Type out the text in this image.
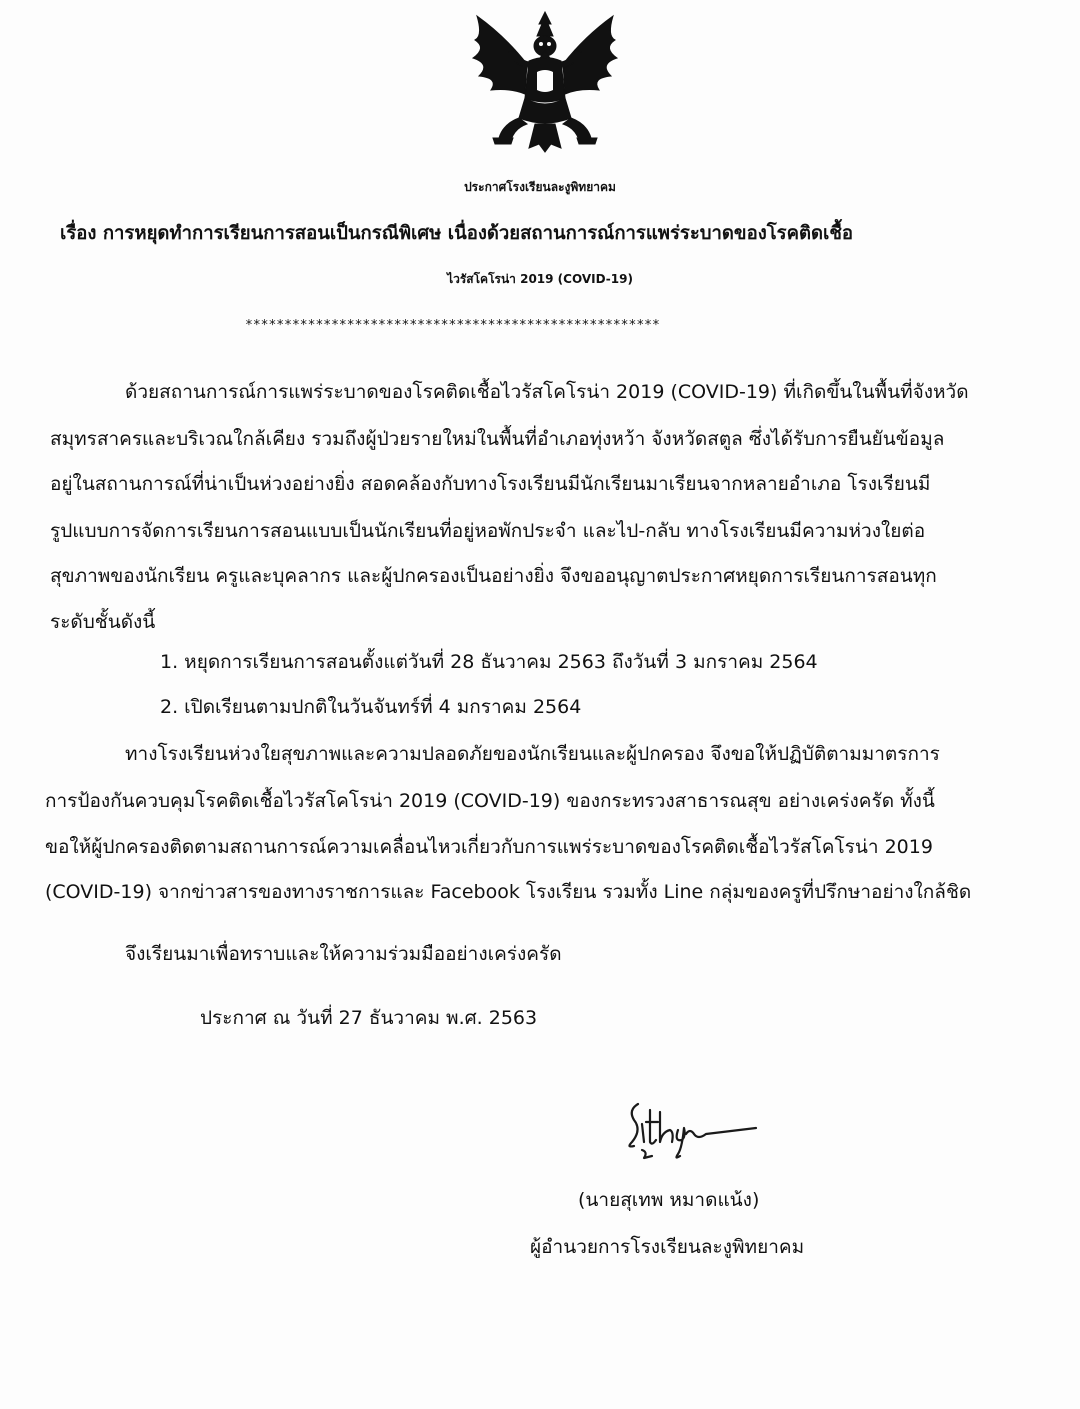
ประกาศโรงเรียนละงูพิทยาคม
เรื่อง การหยุดทำการเรียนการสอนเป็นกรณีพิเศษ เนื่องด้วยสถานการณ์การแพร่ระบาดของโรคติดเชื้อ
ไวรัสโคโรน่า 2019 (COVID-19)
*****************************************************
ด้วยสถานการณ์การแพร่ระบาดของโรคติดเชื้อไวรัสโคโรน่า 2019 (COVID-19) ที่เกิดขึ้นในพื้นที่จังหวัด
สมุทรสาครและบริเวณใกล้เคียง รวมถึงผู้ป่วยรายใหม่ในพื้นที่อำเภอทุ่งหว้า จังหวัดสตูล ซึ่งได้รับการยืนยันข้อมูล
อยู่ในสถานการณ์ที่น่าเป็นห่วงอย่างยิ่ง สอดคล้องกับทางโรงเรียนมีนักเรียนมาเรียนจากหลายอำเภอ โรงเรียนมี
รูปแบบการจัดการเรียนการสอนแบบเป็นนักเรียนที่อยู่หอพักประจำ และไป-กลับ ทางโรงเรียนมีความห่วงใยต่อ
สุขภาพของนักเรียน ครูและบุคลากร และผู้ปกครองเป็นอย่างยิ่ง จึงขออนุญาตประกาศหยุดการเรียนการสอนทุก
ระดับชั้นดังนี้
1. หยุดการเรียนการสอนตั้งแต่วันที่ 28 ธันวาคม 2563 ถึงวันที่ 3 มกราคม 2564
2. เปิดเรียนตามปกติในวันจันทร์ที่ 4 มกราคม 2564
ทางโรงเรียนห่วงใยสุขภาพและความปลอดภัยของนักเรียนและผู้ปกครอง จึงขอให้ปฏิบัติตามมาตรการ
การป้องกันควบคุมโรคติดเชื้อไวรัสโคโรน่า 2019 (COVID-19) ของกระทรวงสาธารณสุข อย่างเคร่งครัด ทั้งนี้
ขอให้ผู้ปกครองติดตามสถานการณ์ความเคลื่อนไหวเกี่ยวกับการแพร่ระบาดของโรคติดเชื้อไวรัสโคโรน่า 2019
(COVID-19) จากข่าวสารของทางราชการและ Facebook โรงเรียน รวมทั้ง Line กลุ่มของครูที่ปรึกษาอย่างใกล้ชิด
จึงเรียนมาเพื่อทราบและให้ความร่วมมืออย่างเคร่งครัด
ประกาศ ณ วันที่ 27 ธันวาคม พ.ศ. 2563
(นายสุเทพ หมาดแน้ง)
ผู้อำนวยการโรงเรียนละงูพิทยาคม
